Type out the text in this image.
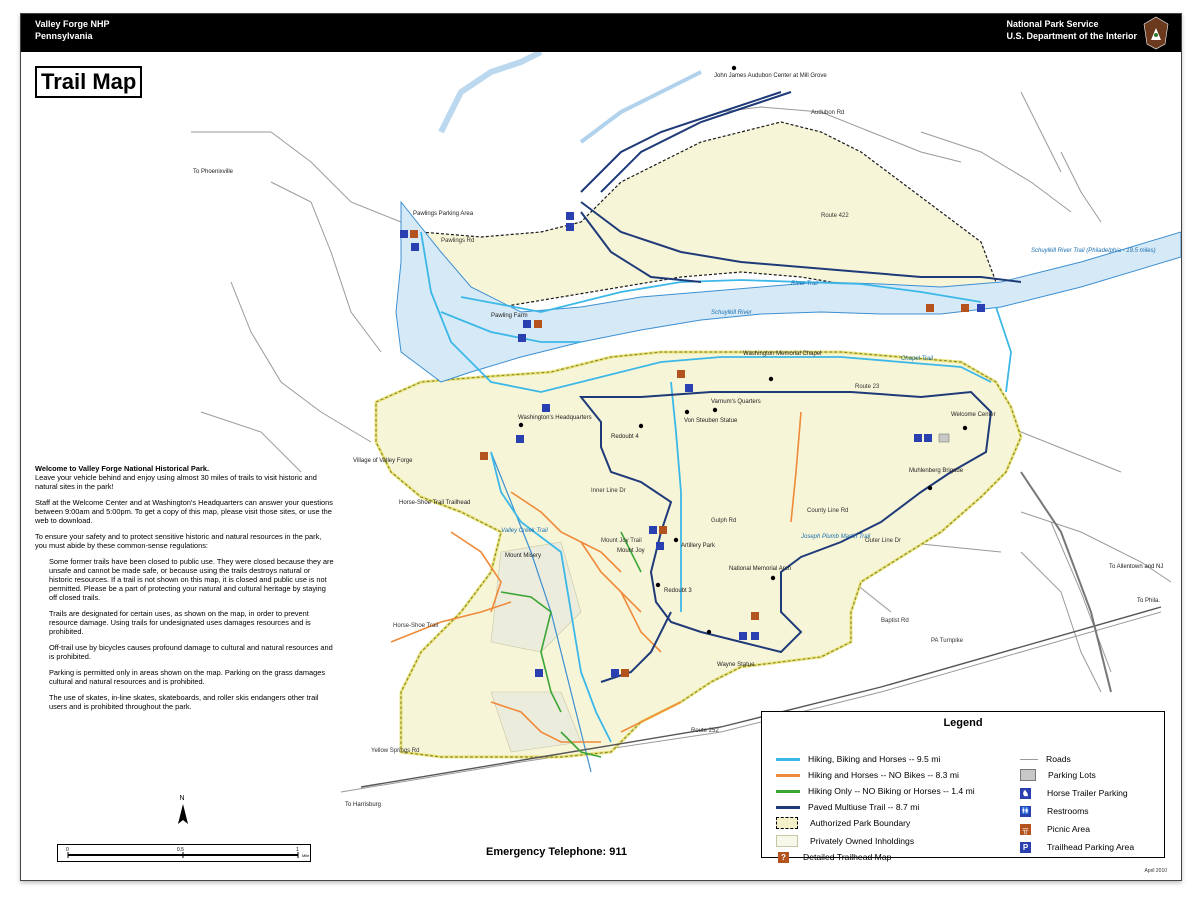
Valley Forge NHP
Pennsylvania
National Park Service
U.S. Department of the Interior
John James Audubon Center at Mill Grove
Pawlings Parking Area
Pawling Farm
Washington Memorial Chapel
Varnum's Quarters
Von Steuben Statue
Washington's Headquarters
Redoubt 4
Welcome Center
Muhlenberg Brigade
Artillery Park
National Memorial Arch
Redoubt 3
Mount Joy
Mount Misery
Wayne Statue
Village of Valley Forge
Horse-Shoe Trail Trailhead
To Phoenixville
To Allentown and NJ
To Phila.
To Harrisburg
Schuylkill River
River Trail
Schuylkill River Trail (Philadelphia - 19.5 miles)
Joseph Plumb Martin Trail
Valley Creek Trail
Chapel Trail
Route 23
Route 422
Gulph Rd
Pawlings Rd
PA Turnpike
Horse-Shoe Trail
Audubon Rd
County Line Rd
Outer Line Dr
Inner Line Dr
Baptist Rd
Yellow Springs Rd
Mount Joy Trail
Route 252
Trail Map

Welcome to Valley Forge National Historical Park.
Leave your vehicle behind and enjoy using almost 30 miles of trails to visit historic and natural sites in the park!

Staff at the Welcome Center and at Washington's Headquarters can answer your questions between 9:00am and 5:00pm. To get a copy of this map, please visit those sites, or use the web to download.

To ensure your safety and to protect sensitive historic and natural resources in the park, you must abide by these common-sense regulations:

Some former trails have been closed to public use. They were closed because they are unsafe and cannot be made safe, or because using the trails destroys natural or historic resources. If a trail is not shown on this map, it is closed and public use is not permitted. Please be a part of protecting your natural and cultural heritage by staying off closed trails.

Trails are designated for certain uses, as shown on the map, in order to prevent resource damage. Using trails for undesignated uses damages resources and is prohibited.

Off-trail use by bicycles causes profound damage to cultural and natural resources and is prohibited.

Parking is permitted only in areas shown on the map. Parking on the grass damages cultural and natural resources and is prohibited.

The use of skates, in-line skates, skateboards, and roller skis endangers other trail users and is prohibited throughout the park.

N
0	0.5	1
Mile	Emergency Telephone: 911
Legend
Hiking, Biking and Horses -- 9.5 mi
Hiking and Horses -- NO Bikes -- 8.3 mi
Hiking Only -- NO Biking or Horses -- 1.4 mi
Paved Multiuse Trail -- 8.7 mi
Authorized Park Boundary
Privately Owned Inholdings
?	Detailed Trailhead Map
Roads
Parking Lots
♞ Horse Trailer Parking
🚻 Restrooms
╦	Picnic Area
P	Trailhead Parking Area
April 2010
